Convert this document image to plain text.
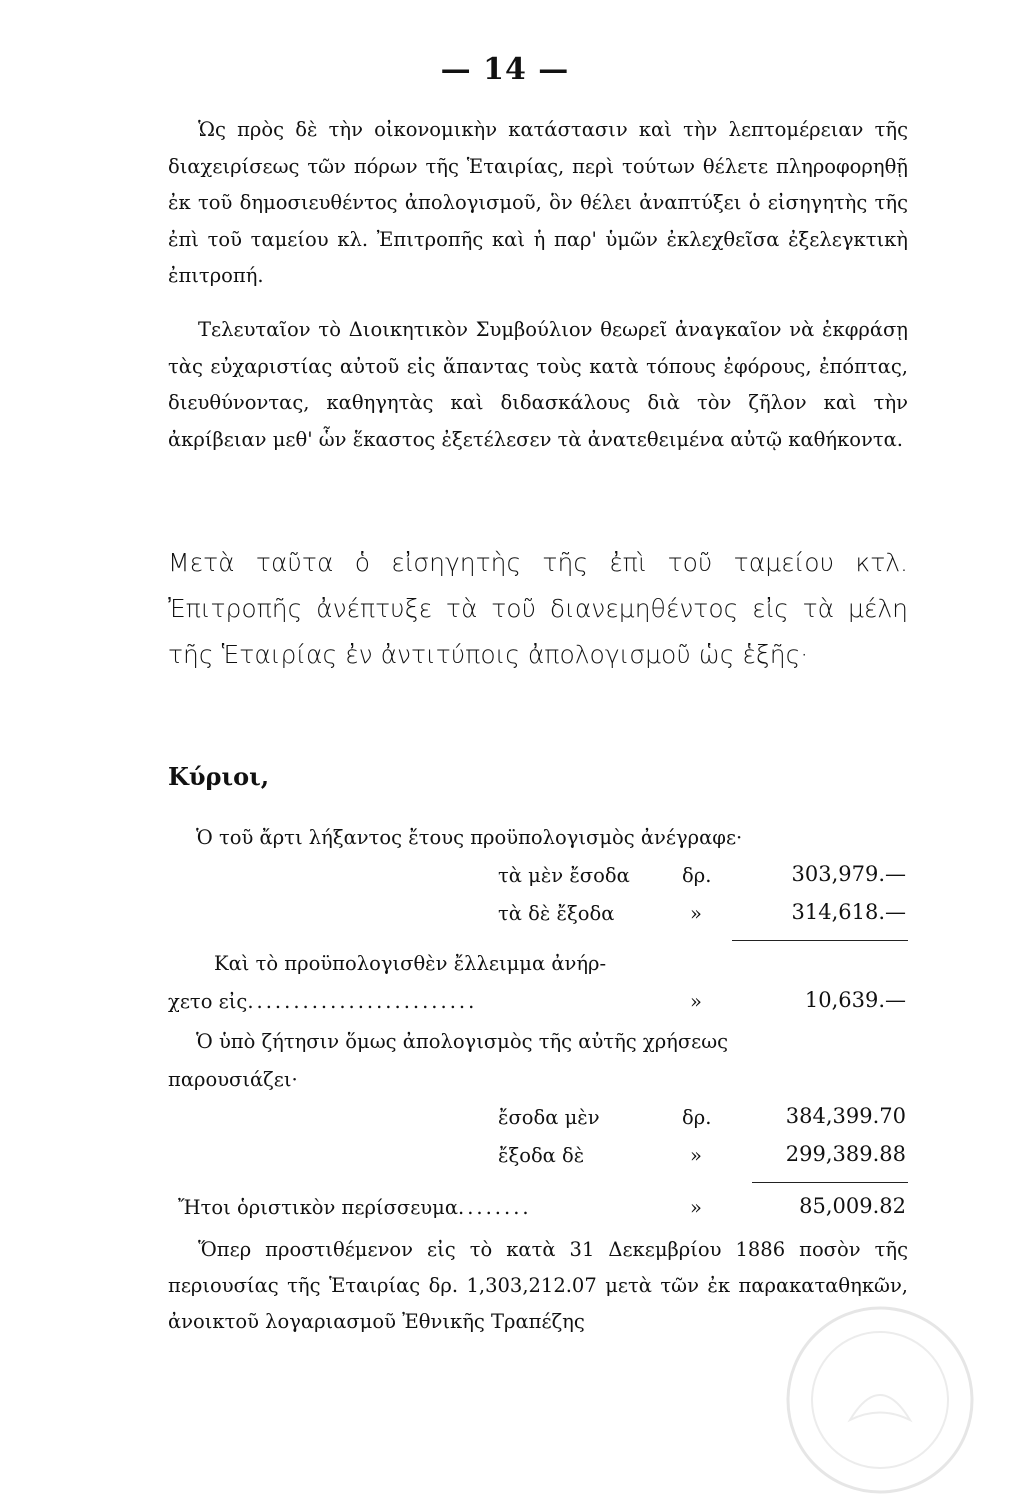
— 14 —
Ὡς πρὸς δὲ τὴν οἰκονομικὴν κατάστασιν καὶ τὴν λεπτομέρειαν τῆς διαχειρίσεως τῶν πόρων τῆς Ἑταιρίας, περὶ τούτων θέλετε πληροφορηθῇ ἐκ τοῦ δημοσιευθέντος ἀπολογισμοῦ, ὃν θέλει ἀναπτύξει ὁ εἰσηγητὴς τῆς ἐπὶ τοῦ ταμείου κλ. Ἐπιτροπῆς καὶ ἡ παρ' ὑμῶν ἐκλεχθεῖσα ἐξελεγκτικὴ ἐπιτροπή.
Τελευταῖον τὸ Διοικητικὸν Συμβούλιον θεωρεῖ ἀναγκαῖον νὰ ἐκφράσῃ τὰς εὐχαριστίας αὐτοῦ εἰς ἅπαντας τοὺς κατὰ τόπους ἐφόρους, ἐπόπτας, διευθύνοντας, καθηγητὰς καὶ διδασκάλους διὰ τὸν ζῆλον καὶ τὴν ἀκρίβειαν μεθ' ὧν ἕκαστος ἐξετέλεσεν τὰ ἀνατεθειμένα αὐτῷ καθήκοντα.
Μετὰ ταῦτα ὁ εἰσηγητὴς τῆς ἐπὶ τοῦ ταμείου κτλ. Ἐπιτροπῆς ἀνέπτυξε τὰ τοῦ διανεμηθέντος εἰς τὰ μέλη τῆς Ἑταιρίας ἐν ἀντιτύποις ἀπολογισμοῦ ὡς ἑξῆς·
Κύριοι,
Ὁ τοῦ ἄρτι λήξαντος ἔτους προϋπολογισμὸς ἀνέγραφε·
τὰ μὲν ἔσοδα	δρ.	303,979.—
τὰ δὲ ἔξοδα	»	314,618.—
Καὶ τὸ προϋπολογισθὲν ἔλλειμμα ἀνήρ-
χετο εἰς.........................	»	10,639.—
Ὁ ὑπὸ ζήτησιν ὅμως ἀπολογισμὸς τῆς αὐτῆς χρήσεως
παρουσιάζει·
ἔσοδα μὲν	δρ.	384,399.70
ἔξοδα δὲ	»	299,389.88
Ἤτοι ὁριστικὸν περίσσευμα........	»	85,009.82
Ὅπερ προστιθέμενον εἰς τὸ κατὰ 31 Δεκεμβρίου 1886 ποσὸν τῆς περιουσίας τῆς Ἑταιρίας δρ. 1,303,212.07 μετὰ τῶν ἐκ παρακαταθηκῶν, ἀνοικτοῦ λογαριασμοῦ Ἐθνικῆς Τραπέζης
